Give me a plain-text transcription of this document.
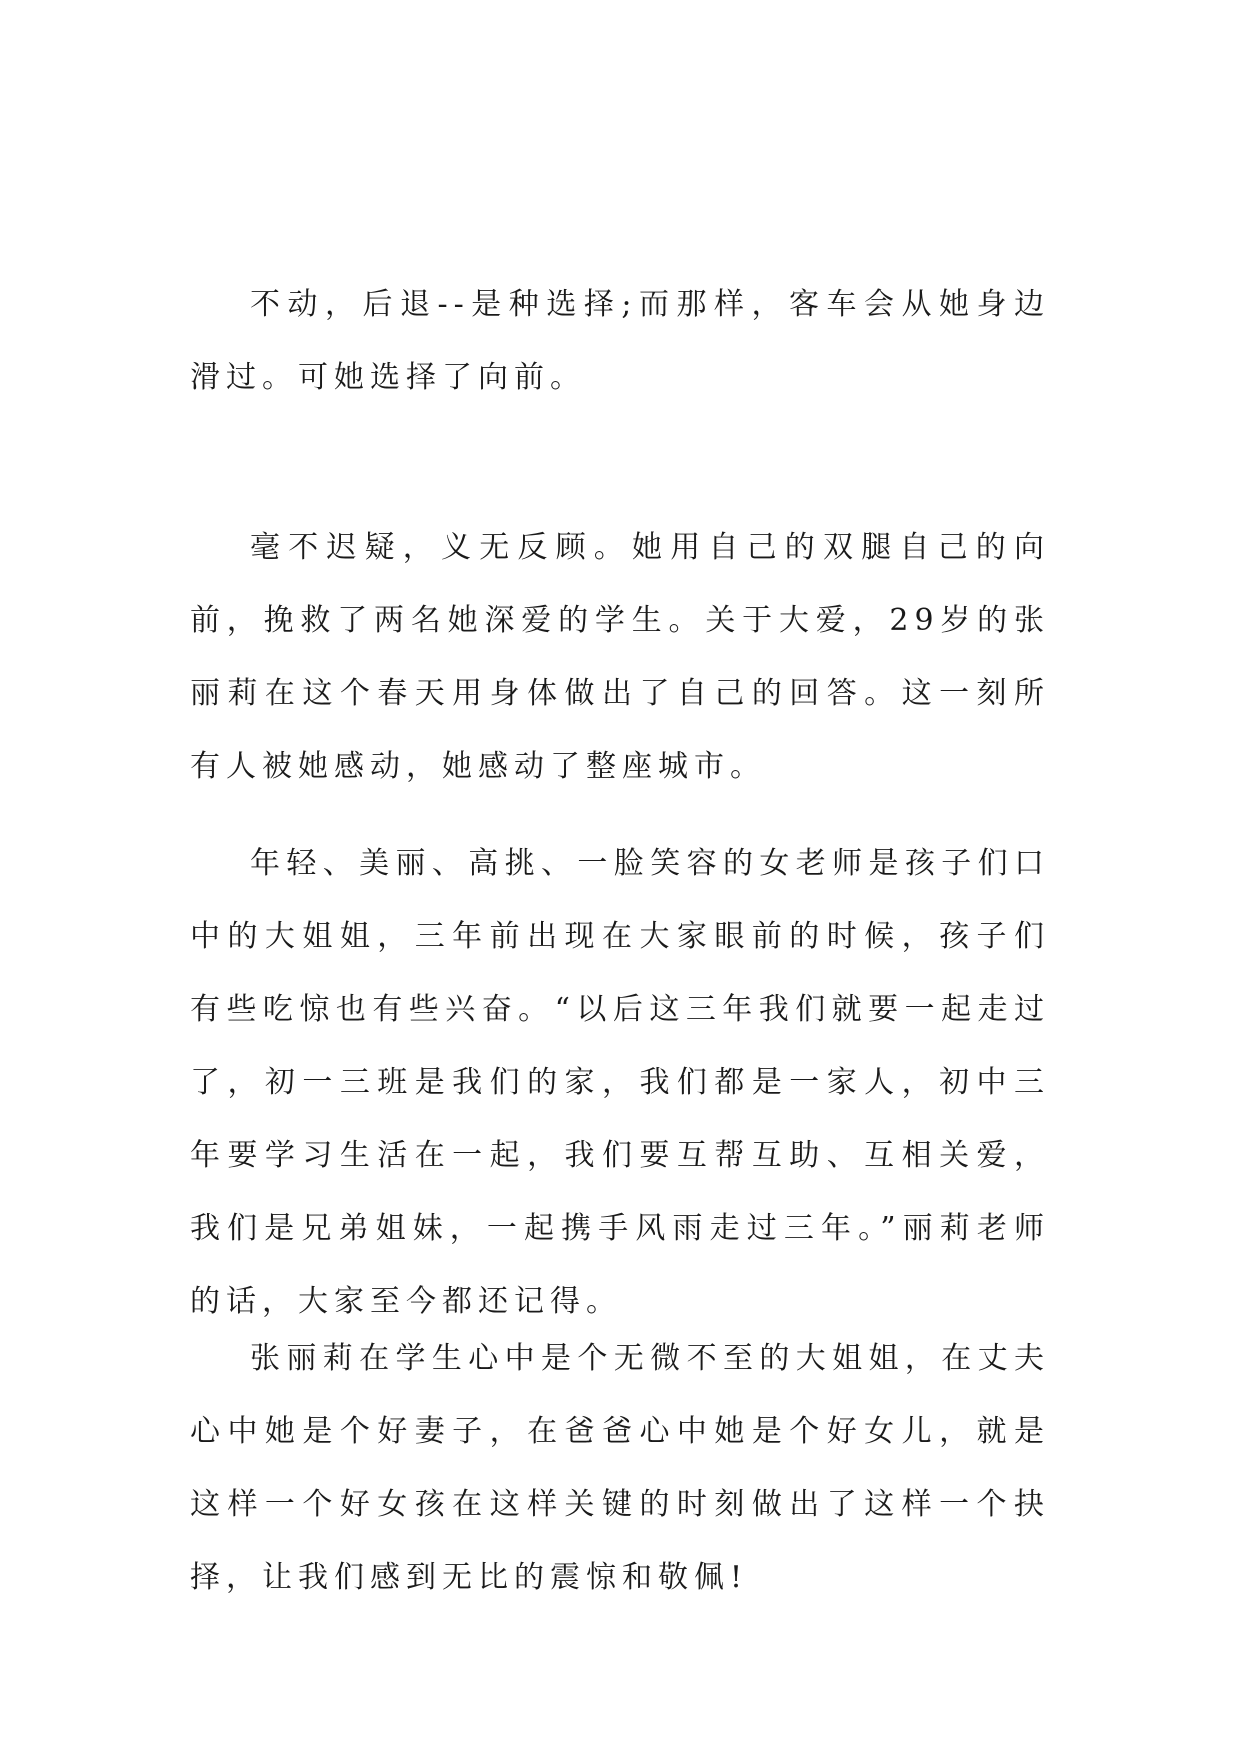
不动，后退--是种选择;而那样，客车会从她身边滑过。可她选择了向前。

毫不迟疑，义无反顾。她用自己的双腿自己的向前，挽救了两名她深爱的学生。关于大爱，29岁的张丽莉在这个春天用身体做出了自己的回答。这一刻所有人被她感动，她感动了整座城市。

年轻、美丽、高挑、一脸笑容的女老师是孩子们口中的大姐姐，三年前出现在大家眼前的时候，孩子们有些吃惊也有些兴奋。“以后这三年我们就要一起走过了，初一三班是我们的家，我们都是一家人，初中三年要学习生活在一起，我们要互帮互助、互相关爱，我们是兄弟姐妹，一起携手风雨走过三年。”丽莉老师的话，大家至今都还记得。

张丽莉在学生心中是个无微不至的大姐姐，在丈夫心中她是个好妻子，在爸爸心中她是个好女儿，就是这样一个好女孩在这样关键的时刻做出了这样一个抉择，让我们感到无比的震惊和敬佩!
